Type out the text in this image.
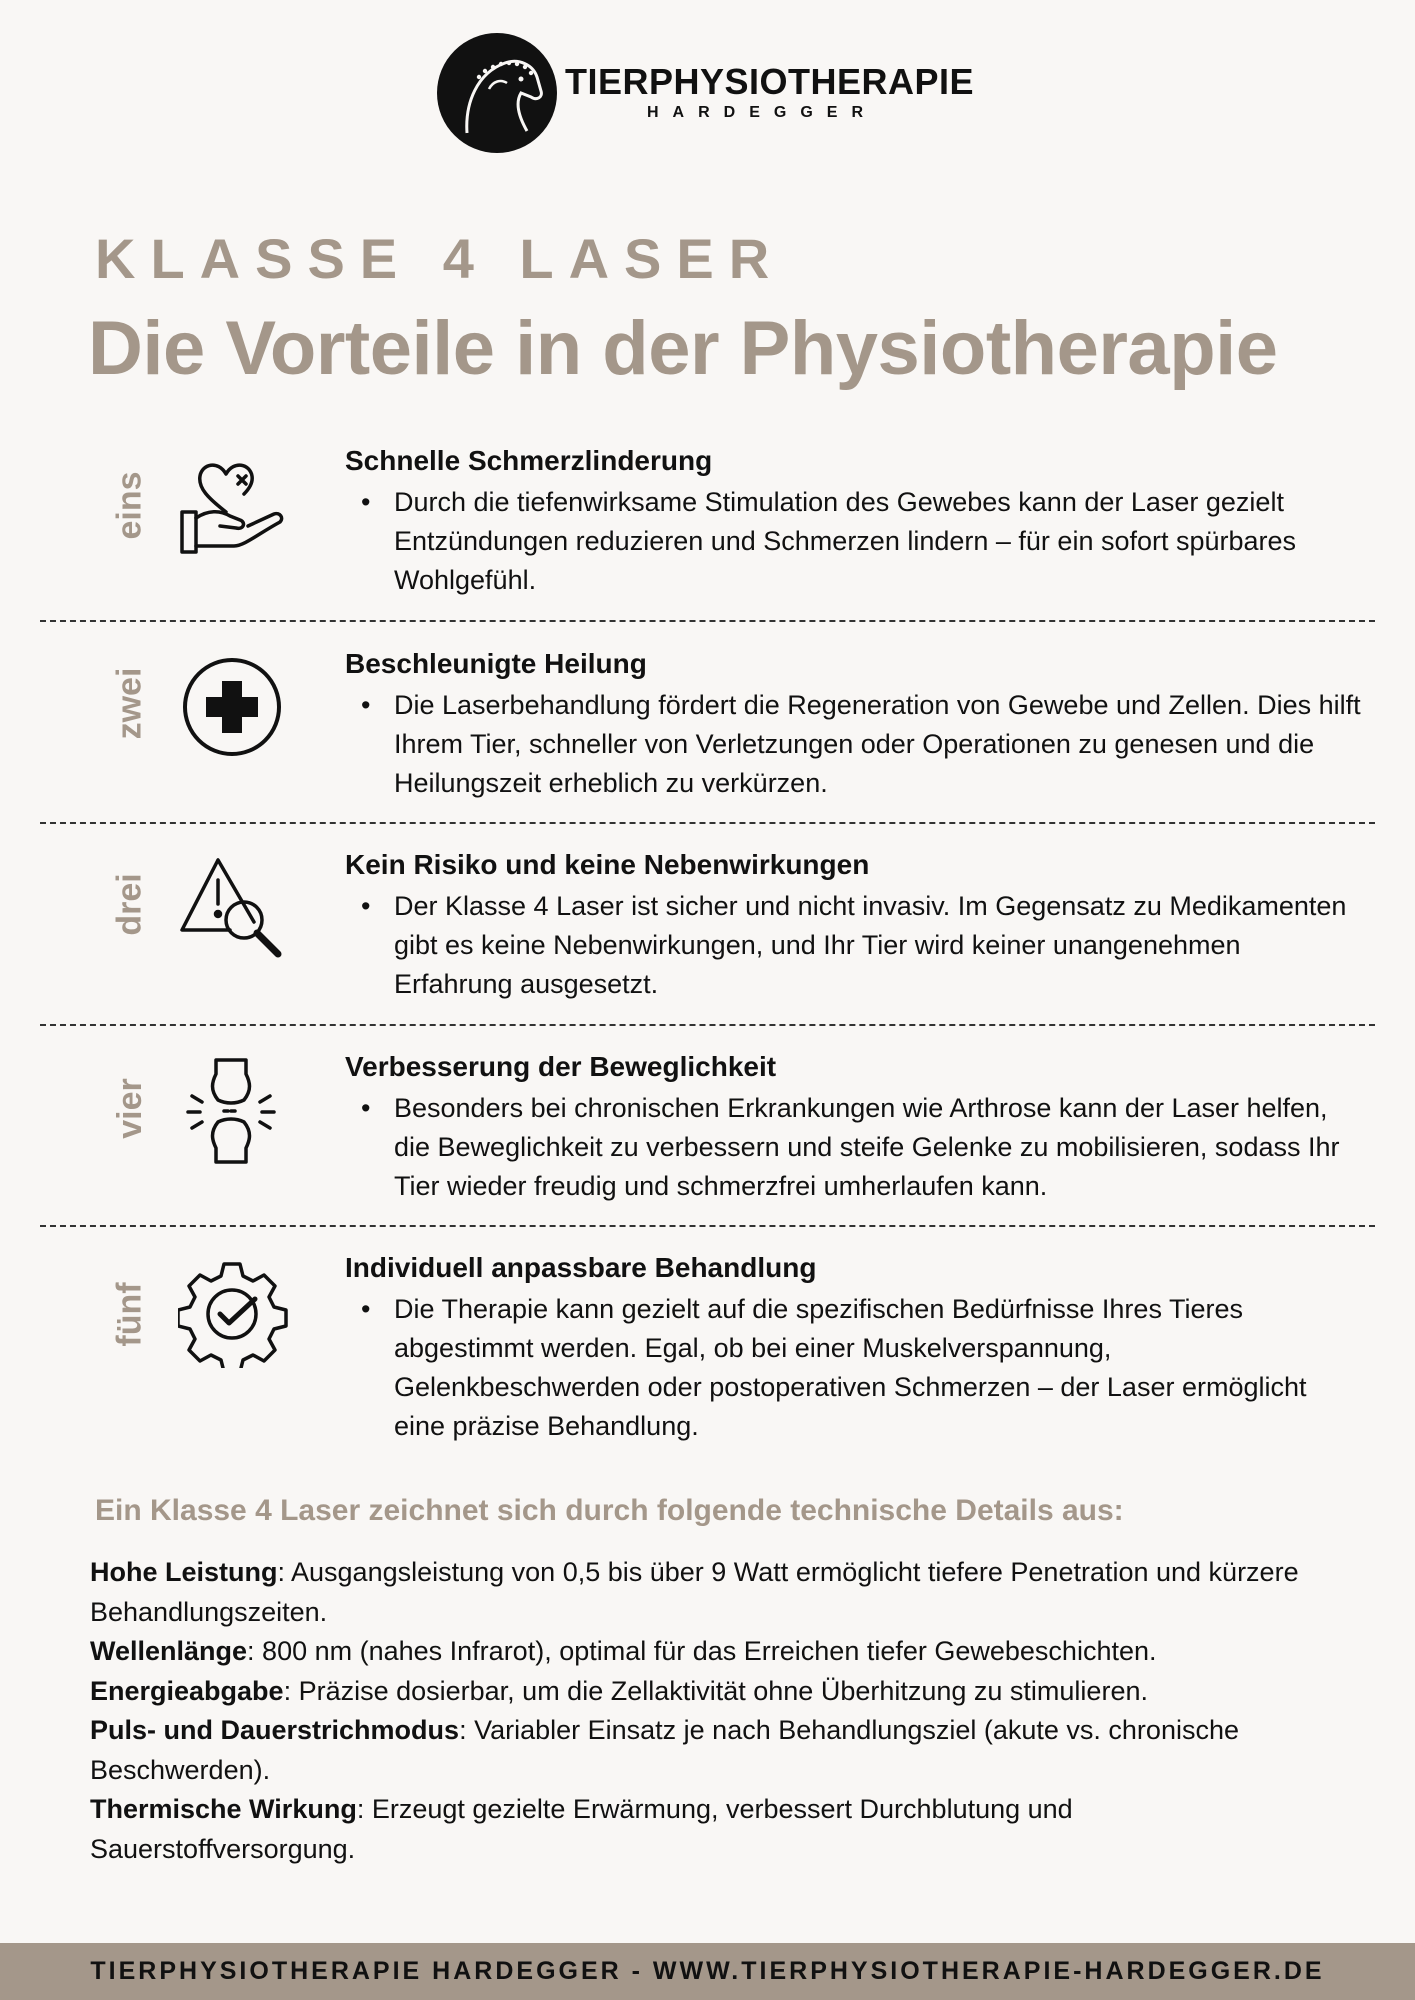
TIERPHYSIOTHERAPIE
HARDEGGER
KLASSE 4 LASER
Die Vorteile in der Physiotherapie
eins
Schnelle Schmerzlinderung
• Durch die tiefenwirksame Stimulation des Gewebes kann der Laser gezielt Entzündungen reduzieren und Schmerzen lindern – für ein sofort spürbares Wohlgefühl.
zwei
Beschleunigte Heilung
• Die Laserbehandlung fördert die Regeneration von Gewebe und Zellen. Dies hilft Ihrem Tier, schneller von Verletzungen oder Operationen zu genesen und die Heilungszeit erheblich zu verkürzen.
drei
Kein Risiko und keine Nebenwirkungen
• Der Klasse 4 Laser ist sicher und nicht invasiv. Im Gegensatz zu Medikamenten gibt es keine Nebenwirkungen, und Ihr Tier wird keiner unangenehmen Erfahrung ausgesetzt.
vier
Verbesserung der Beweglichkeit
• Besonders bei chronischen Erkrankungen wie Arthrose kann der Laser helfen, die Beweglichkeit zu verbessern und steife Gelenke zu mobilisieren, sodass Ihr Tier wieder freudig und schmerzfrei umherlaufen kann.
fünf
Individuell anpassbare Behandlung
• Die Therapie kann gezielt auf die spezifischen Bedürfnisse Ihres Tieres abgestimmt werden. Egal, ob bei einer Muskelverspannung, Gelenkbeschwerden oder postoperativen Schmerzen – der Laser ermöglicht eine präzise Behandlung.
Ein Klasse 4 Laser zeichnet sich durch folgende technische Details aus:

Hohe Leistung: Ausgangsleistung von 0,5 bis über 9 Watt ermöglicht tiefere Penetration und kürzere Behandlungszeiten.

Wellenlänge: 800 nm (nahes Infrarot), optimal für das Erreichen tiefer Gewebeschichten.

Energieabgabe: Präzise dosierbar, um die Zellaktivität ohne Überhitzung zu stimulieren.

Puls- und Dauerstrichmodus: Variabler Einsatz je nach Behandlungsziel (akute vs. chronische Beschwerden).

Thermische Wirkung: Erzeugt gezielte Erwärmung, verbessert Durchblutung und Sauerstoffversorgung.

TIERPHYSIOTHERAPIE HARDEGGER - WWW.TIERPHYSIOTHERAPIE-HARDEGGER.DE
